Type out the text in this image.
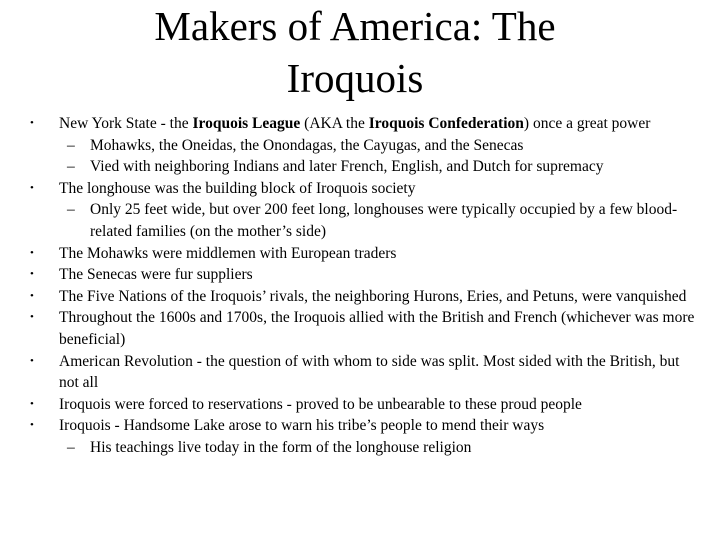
Makers of America: The
Iroquois
• New York State - the Iroquois League (AKA the Iroquois Confederation) once a great power
– Mohawks, the Oneidas, the Onondagas, the Cayugas, and the Senecas
– Vied with neighboring Indians and later French, English, and Dutch for supremacy
• The longhouse was the building block of Iroquois society
– Only 25 feet wide, but over 200 feet long, longhouses were typically occupied by a few blood-related families (on the mother’s side)
• The Mohawks were middlemen with European traders
• The Senecas were fur suppliers
• The Five Nations of the Iroquois’ rivals, the neighboring Hurons, Eries, and Petuns, were vanquished
• Throughout the 1600s and 1700s, the Iroquois allied with the British and French (whichever was more beneficial)
• American Revolution - the question of with whom to side was split. Most sided with the British, but not all
• Iroquois were forced to reservations - proved to be unbearable to these proud people
• Iroquois - Handsome Lake arose to warn his tribe’s people to mend their ways
– His teachings live today in the form of the longhouse religion
